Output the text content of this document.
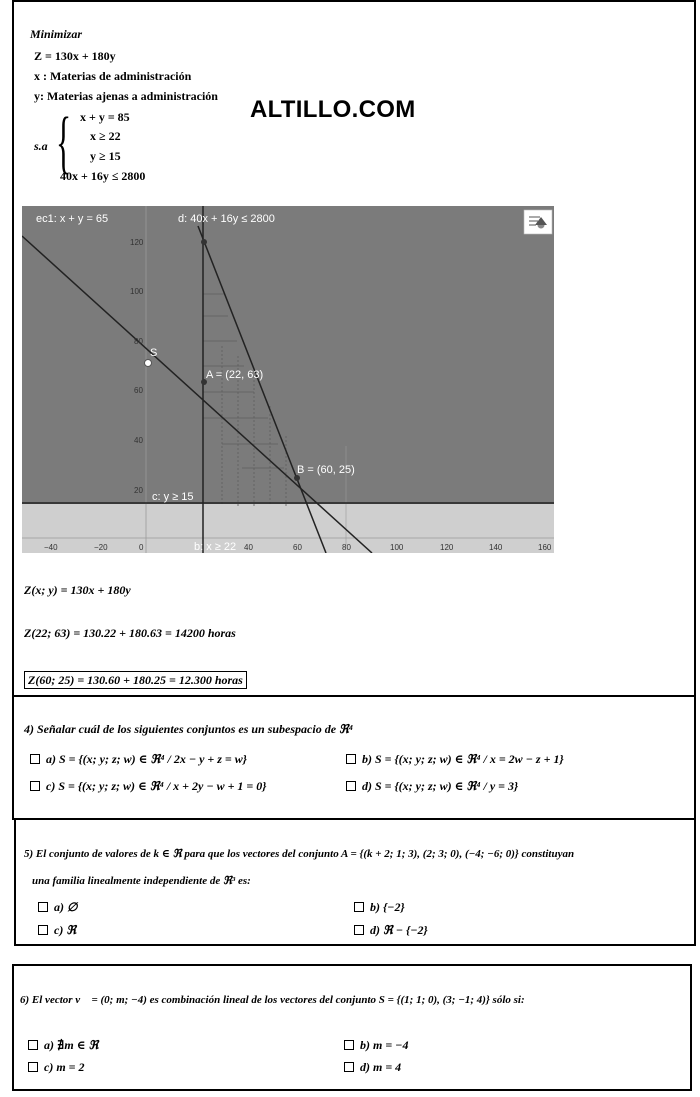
Minimizar
Z = 130x + 180y
x : Materias de administración
y: Materias ajenas a administración ALTILLO.COM
s.a { x + y = 85
x ≥ 22
y ≥ 15
40x + 16y ≤ 2800
ec1: x + y = 65	d: 40x + 16y ≤ 2800
S
A = (22, 63)
B = (60, 25)
c: y ≥ 15
b: x ≥ 22
120
100
80
60
40
20
−40	−20	0	40	60	80	100	120	140	160
Z(x; y) = 130x + 180y
Z(22; 63) = 130.22 + 180.63 = 14200 horas
Z(60; 25) = 130.60 + 180.25 = 12.300 horas
4) Señalar cuál de los siguientes conjuntos es un subespacio de ℜ⁴
a) S = {(x; y; z; w) ∈ ℜ⁴ / 2x − y + z = w}	b) S = {(x; y; z; w) ∈ ℜ⁴ / x = 2w − z + 1}
c) S = {(x; y; z; w) ∈ ℜ⁴ / x + 2y − w + 1 = 0}	d) S = {(x; y; z; w) ∈ ℜ⁴ / y = 3}
5) El conjunto de valores de k ∈ ℜ para que los vectores del conjunto A = {(k + 2; 1; 3), (2; 3; 0), (−4; −6; 0)} constituyan
una familia linealmente independiente de ℜ³ es:
a) ∅	b) {−2}
c) ℜ	d) ℜ − {−2}
6) El vector v⃗ = (0; m; −4) es combinación lineal de los vectores del conjunto S = {(1; 1; 0), (3; −1; 4)} sólo si:
a) ∄m ∈ ℜ	b) m = −4
c) m = 2	d) m = 4
